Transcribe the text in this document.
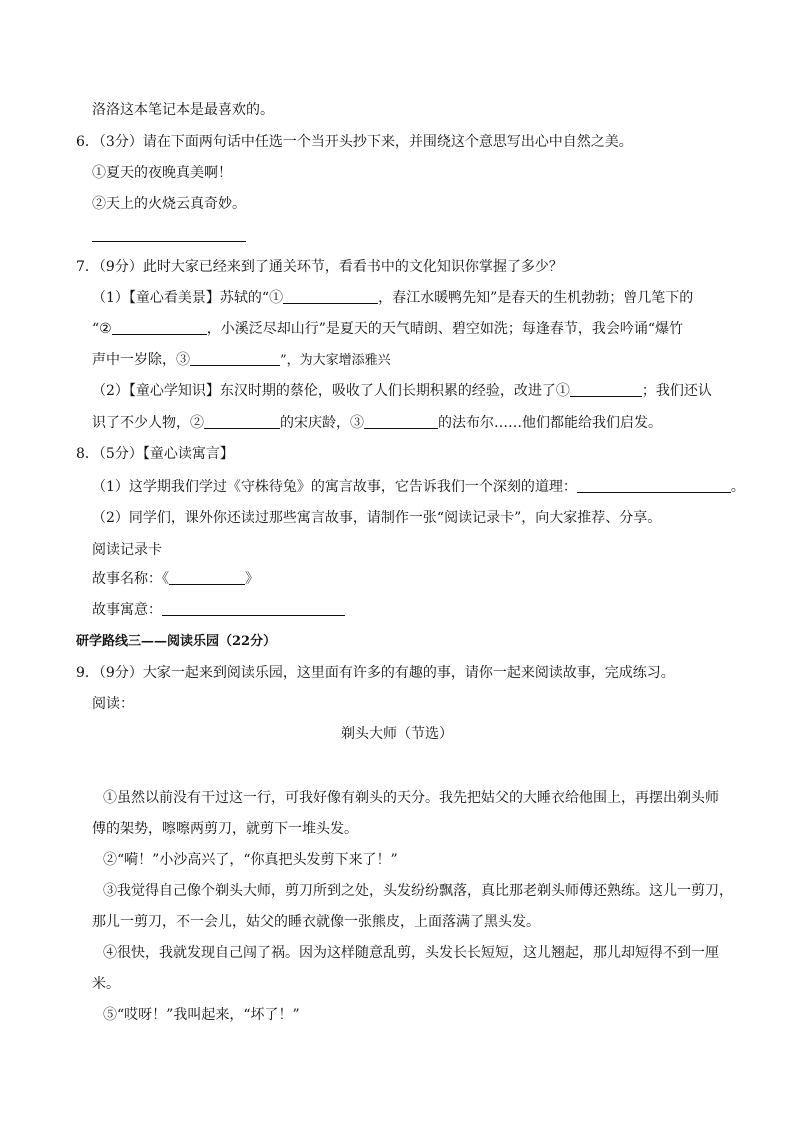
洛洛这本笔记本是最喜欢的。
6．（3分）请在下面两句话中任选一个当开头抄下来，并围绕这个意思写出心中自然之美。
①夏天的夜晚真美啊！
②天上的火烧云真奇妙。
7．（9分）此时大家已经来到了通关环节，看看书中的文化知识你掌握了多少？
（1）【童心看美景】苏轼的“①	，春江水暖鸭先知”是春天的生机勃勃；曾几笔下的
“②	，小溪泛尽却山行”是夏天的天气晴朗、碧空如洗；每逢春节，我会吟诵“爆竹
声中一岁除，③	”，为大家增添雅兴
（2）【童心学知识】东汉时期的蔡伦，吸收了人们长期积累的经验，改进了①	；我们还认
识了不少人物，②	的宋庆龄，③	的法布尔……他们都能给我们启发。
8．（5分）【童心读寓言】
（1）这学期我们学过《守株待兔》的寓言故事，它告诉我们一个深刻的道理：	。
（2）同学们，课外你还读过那些寓言故事，请制作一张“阅读记录卡”，向大家推荐、分享。
阅读记录卡
故事名称：《	》
故事寓意：
研学路线三——阅读乐园（22分）
9．（9分）大家一起来到阅读乐园，这里面有许多的有趣的事，请你一起来阅读故事，完成练习。
阅读：
剃头大师（节选）
①虽然以前没有干过这一行，可我好像有剃头的天分。我先把姑父的大睡衣给他围上，再摆出剃头师
傅的架势，嚓嚓两剪刀，就剪下一堆头发。
②“嗬！”小沙高兴了，“你真把头发剪下来了！”
③我觉得自己像个剃头大师，剪刀所到之处，头发纷纷飘落，真比那老剃头师傅还熟练。这儿一剪刀，
那儿一剪刀，不一会儿，姑父的睡衣就像一张熊皮，上面落满了黑头发。
④很快，我就发现自己闯了祸。因为这样随意乱剪，头发长长短短，这儿翘起，那儿却短得不到一厘
米。
⑤“哎呀！”我叫起来，“坏了！”
